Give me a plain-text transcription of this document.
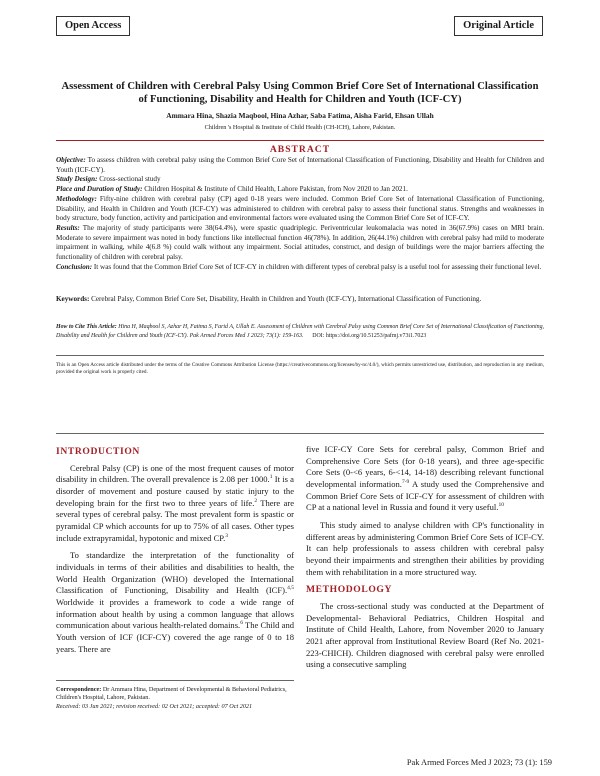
Open Access	Original Article
Assessment of Children with Cerebral Palsy Using Common Brief Core Set of International Classification of Functioning, Disability and Health for Children and Youth (ICF-CY)
Ammara Hina, Shazia Maqbool, Hina Azhar, Saba Fatima, Aisha Farid, Ehsan Ullah
Children 's Hospital & Institute of Child Health (CH-ICH), Lahore, Pakistan.
ABSTRACT

Objective: To assess children with cerebral palsy using the Common Brief Core Set of International Classification of Functioning, Disability and Health for Children and Youth (ICF-CY).

Study Design: Cross-sectional study

Place and Duration of Study: Children Hospital & Institute of Child Health, Lahore Pakistan, from Nov 2020 to Jan 2021.

Methodology: Fifty-nine children with cerebral palsy (CP) aged 0-18 years were included. Common Brief Core Set of International Classification of Functioning, Disability, and Health in Children and Youth (ICF-CY) was administered to children with cerebral palsy to assess their functional status. Strengths and weaknesses in body structure, body function, activity and participation and environmental factors were evaluated using the Common Brief Core Set of ICF-CY.

Results: The majority of study participants were 38(64.4%), were spastic quadriplegic. Periventricular leukomalacia was noted in 36(67.9%) cases on MRI brain. Moderate to severe impairment was noted in body functions like intellectual function 46(78%). In addition, 26(44.1%) children with cerebral palsy had mild to moderate impairment in walking, while 4(6.8 %) could walk without any impairment. Social attitudes, construct, and design of buildings were the major barriers affecting the functionality of children with cerebral palsy.

Conclusion: It was found that the Common Brief Core Set of ICF-CY in children with different types of cerebral palsy is a useful tool for assessing their functional level.

Keywords: Cerebral Palsy, Common Brief Core Set, Disability, Health in Children and Youth (ICF-CY), International Classification of Functioning.
How to Cite This Article: Hina H, Maqbool S, Azhar H, Fatima S, Farid A, Ullah E. Assessment of Children with Cerebral Palsy using Common Brief Core Set of International Classification of Functioning, Disability and Health for Children and Youth (ICF-CY). Pak Armed Forces Med J 2023; 73(1): 159-163. DOI: https://doi.org/10.51253/pafmj.v73i1.7023
This is an Open Access article distributed under the terms of the Creative Commons Attribution License (https://creativecommons.org/licenses/by-nc/4.0/), which permits unrestricted use, distribution, and reproduction in any medium, provided the original work is properly cited.
INTRODUCTION

Cerebral Palsy (CP) is one of the most frequent causes of motor disability in children. The overall prevalence is 2.08 per 1000.$^1$ It is a disorder of movement and posture caused by static injury to the developing brain for the first two to three years of life.$^2$ There are several types of cerebral palsy. The most prevalent form is spastic or pyramidal CP which accounts for up to 75% of all cases. Other types include extrapyramidal, hypotonic and mixed CP.$^3$

To standardize the interpretation of the functionality of individuals in terms of their abilities and disabilities to health, the World Health Organization (WHO) developed the International Classification of Functioning, Disability and Health (ICF).$^{4,5}$ Worldwide it provides a framework to code a wide range of information about health by using a common language that allows communication about various health-related domains.$^6$ The Child and Youth version of ICF (ICF-CY) covered the age range of 0 to 18 years. There are

five ICF-CY Core Sets for cerebral palsy, Common Brief and Comprehensive Core Sets (for 0-18 years), and three age-specific Core Sets (0-<6 years, 6-<14, 14-18) describing relevant functional developmental information.$^{7-9}$ A study used the Comprehensive and Common Brief Core Sets of ICF-CY for assessment of children with CP at a national level in Russia and found it very useful.$^{10}$

This study aimed to analyse children with CP's functionality in different areas by administering Common Brief Core Sets of ICF-CY. It can help professionals to assess children with cerebral palsy beyond their impairments and strengthen their abilities by providing them with rehabilitation in a more structured way.

METHODOLOGY

The cross-sectional study was conducted at the Department of Developmental- Behavioral Pediatrics, Children Hospital and Institute of Child Health, Lahore, from November 2020 to January 2021 after approval from Institutional Review Board (Ref No. 2021-223-CHICH). Children diagnosed with cerebral palsy were enrolled using a consecutive sampling

Correspondence: Dr Ammara Hina, Department of Developmental & Behavioral Pediatrics, Children's Hospital, Lahore, Pakistan.
Received: 03 Jun 2021; revision received: 02 Oct 2021; accepted: 07 Oct 2021
Pak Armed Forces Med J 2023; 73 (1): 159
